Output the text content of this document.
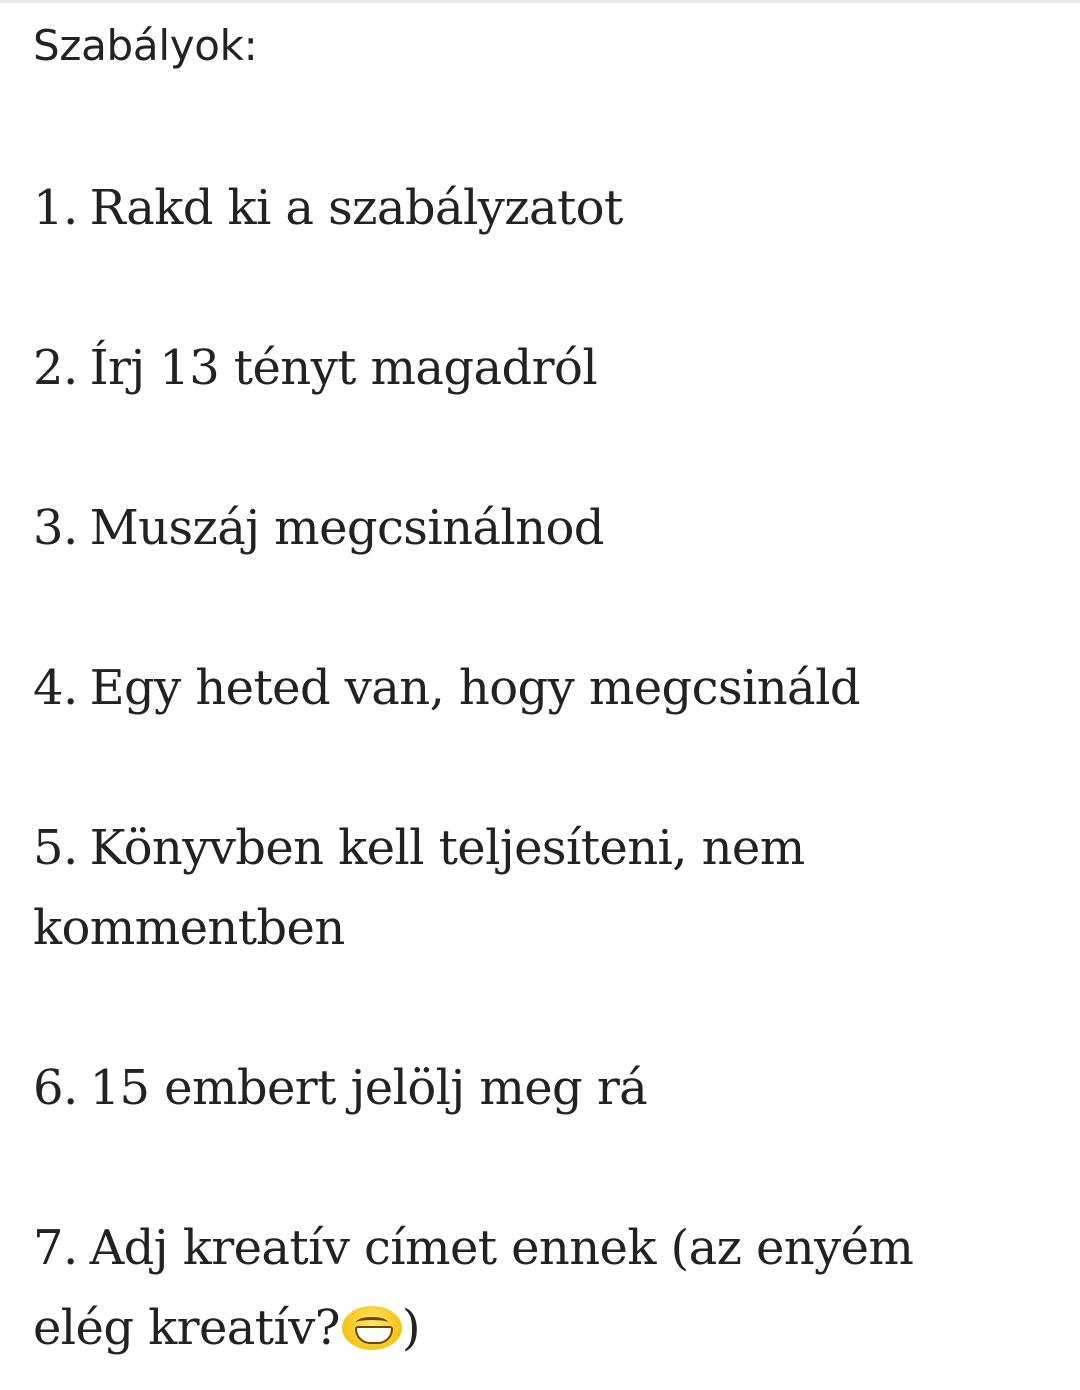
Szabályok:
1. Rakd ki a szabályzatot
2. Írj 13 tényt magadról
3. Muszáj megcsinálnod
4. Egy heted van, hogy megcsináld
5. Könyvben kell teljesíteni, nem
kommentben
6. 15 embert jelölj meg rá
7. Adj kreatív címet ennek (az enyém
elég kreatív? )
